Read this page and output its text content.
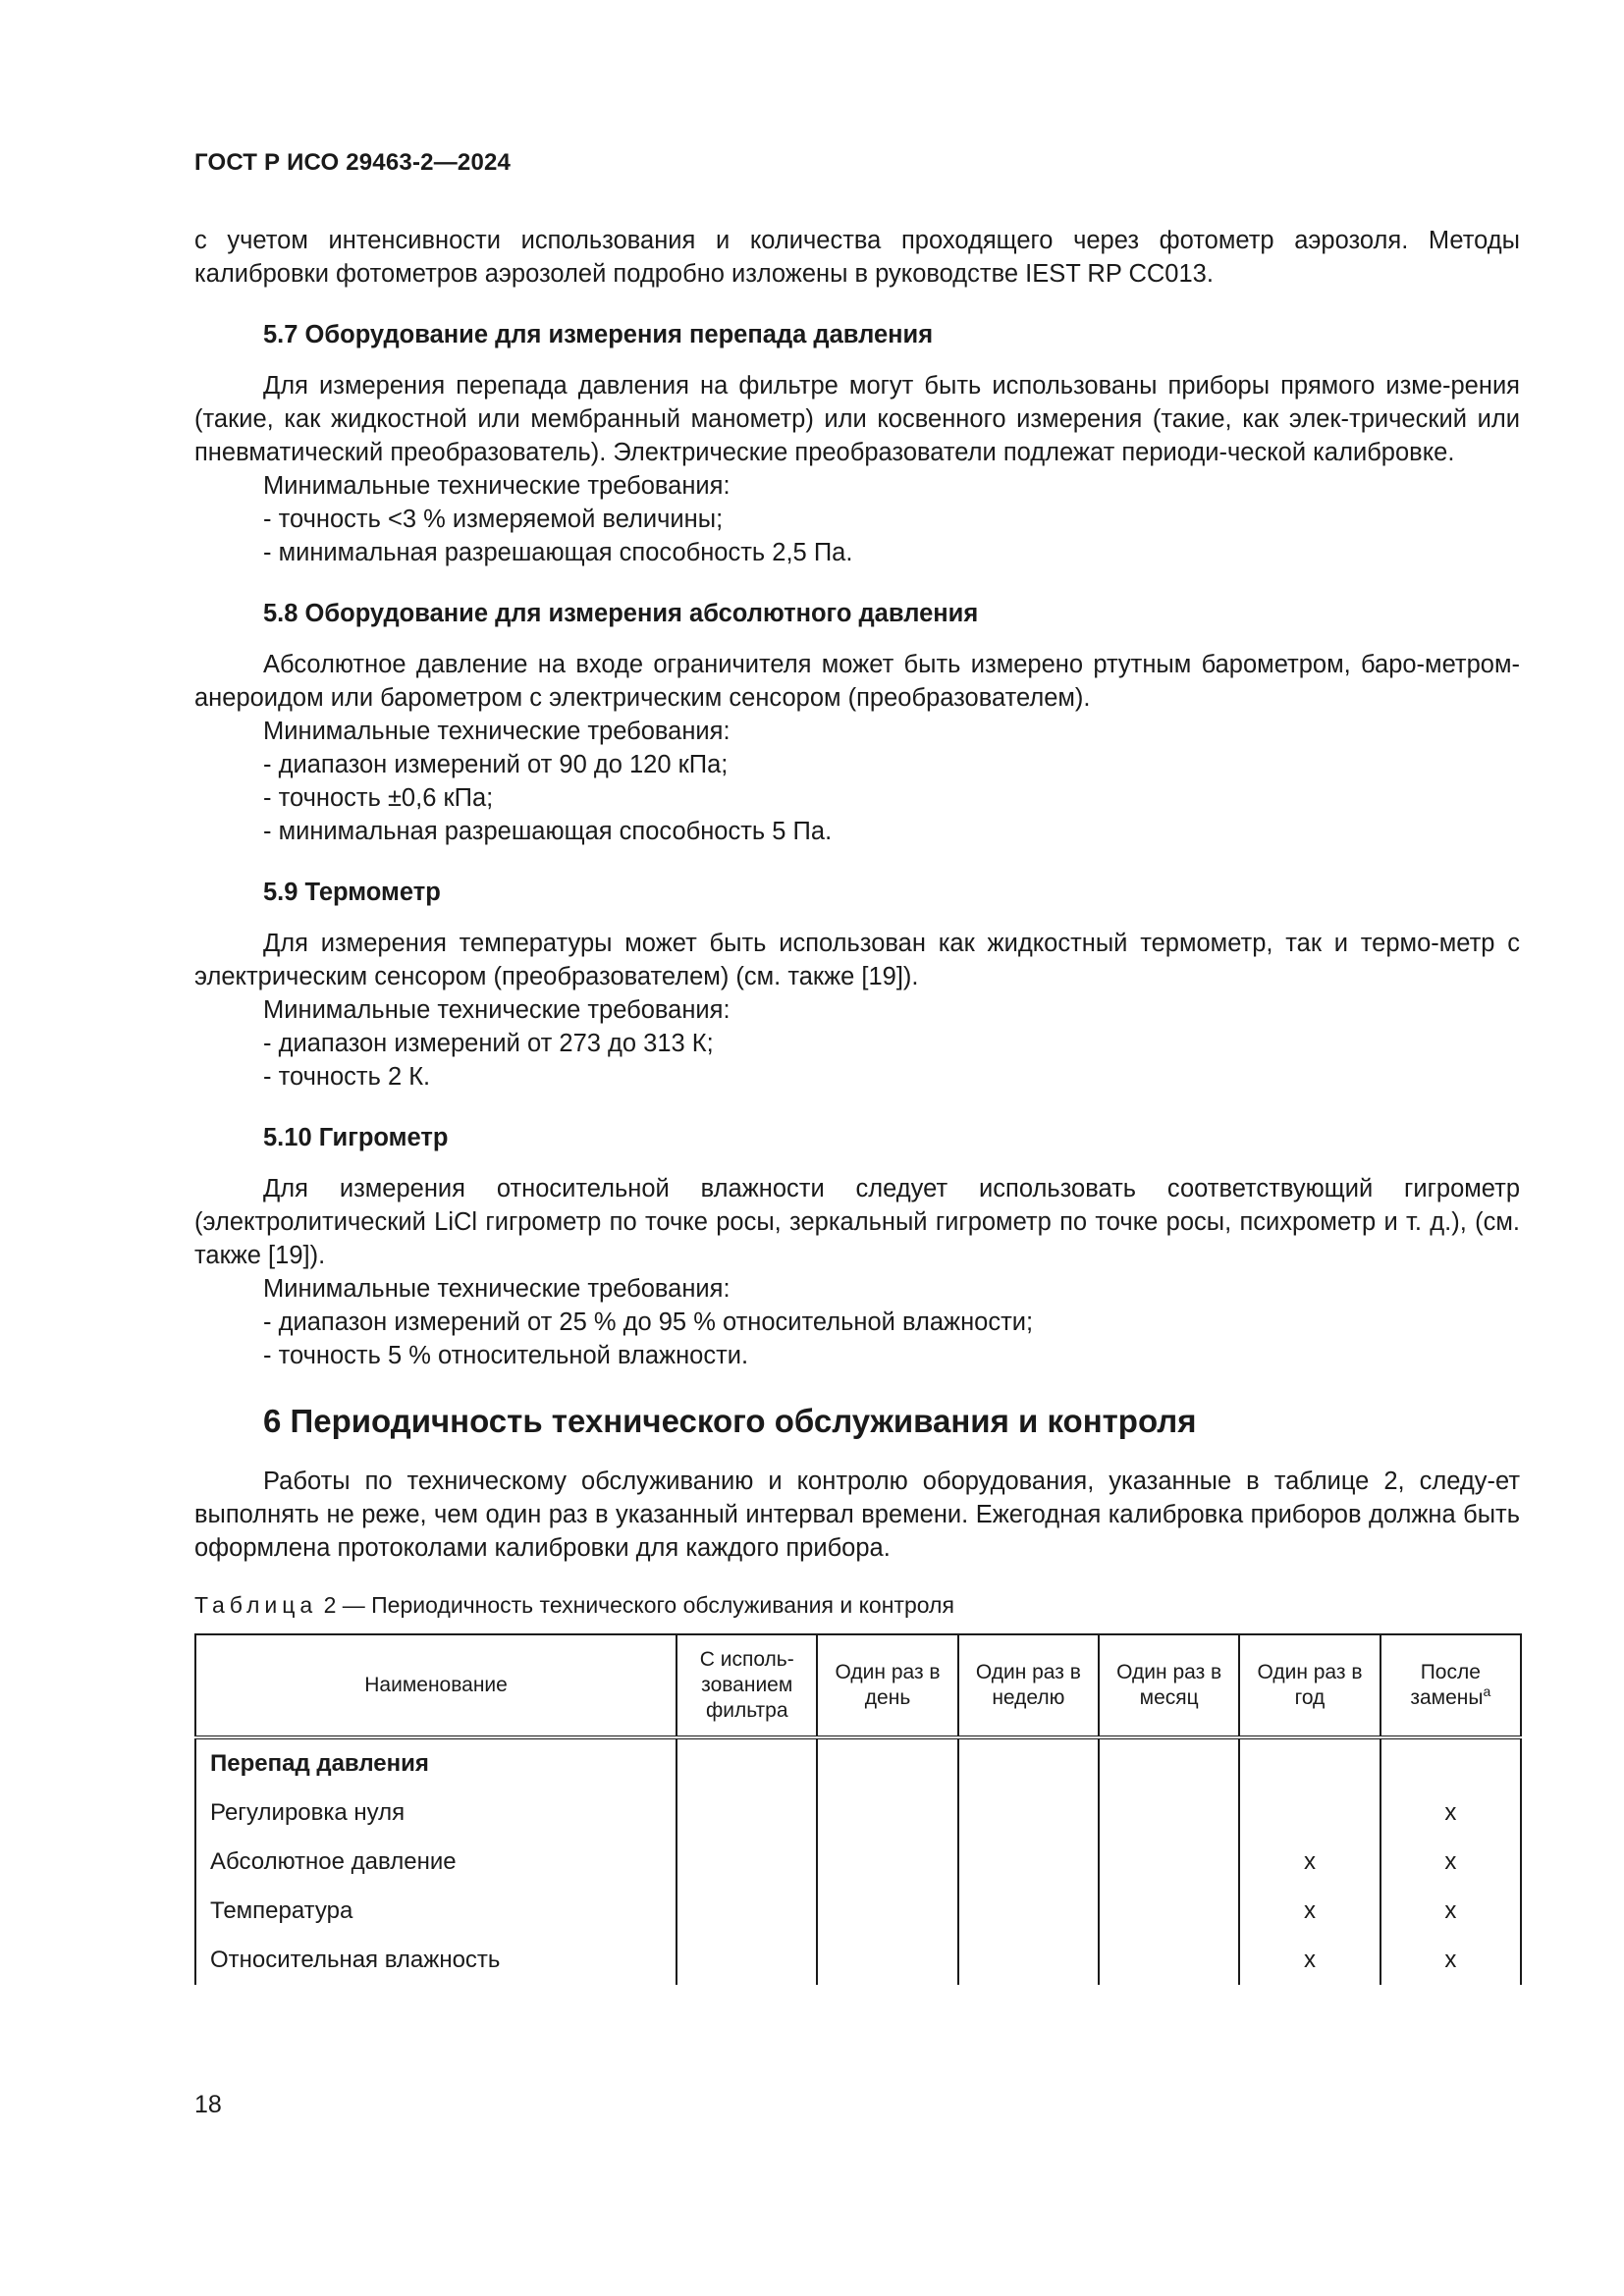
ГОСТ Р ИСО 29463-2—2024

с учетом интенсивности использования и количества проходящего через фотометр аэрозоля. Методы калибровки фотометров аэрозолей подробно изложены в руководстве IEST RP CC013.

5.7 Оборудование для измерения перепада давления

Для измерения перепада давления на фильтре могут быть использованы приборы прямого изме-рения (такие, как жидкостной или мембранный манометр) или косвенного измерения (такие, как элек-трический или пневматический преобразователь). Электрические преобразователи подлежат периоди-ческой калибровке.

Минимальные технические требования:

- точность <3 % измеряемой величины;

- минимальная разрешающая способность 2,5 Па.

5.8 Оборудование для измерения абсолютного давления

Абсолютное давление на входе ограничителя может быть измерено ртутным барометром, баро-метром-анероидом или барометром с электрическим сенсором (преобразователем).

Минимальные технические требования:

- диапазон измерений от 90 до 120 кПа;

- точность ±0,6 кПа;

- минимальная разрешающая способность 5 Па.

5.9 Термометр

Для измерения температуры может быть использован как жидкостный термометр, так и термо-метр с электрическим сенсором (преобразователем) (см. также [19]).

Минимальные технические требования:

- диапазон измерений от 273 до 313 К;

- точность 2 К.

5.10 Гигрометр

Для измерения относительной влажности следует использовать соответствующий гигрометр (электролитический LiCl гигрометр по точке росы, зеркальный гигрометр по точке росы, психрометр и т. д.), (см. также [19]).

Минимальные технические требования:

- диапазон измерений от 25 % до 95 % относительной влажности;

- точность 5 % относительной влажности.

6 Периодичность технического обслуживания и контроля

Работы по техническому обслуживанию и контролю оборудования, указанные в таблице 2, следу-ет выполнять не реже, чем один раз в указанный интервал времени. Ежегодная калибровка приборов должна быть оформлена протоколами калибровки для каждого прибора.

Таблица 2 — Периодичность технического обслуживания и контроля
Наименование	С исполь-зованием фильтра	Один раз в день	Один раз в неделю	Один раз в месяц	Один раз в год	После замены$^a$
Перепад давления						
Регулировка нуля						x
Абсолютное давление					x	x
Температура					x	x
Относительная влажность					x	x
18
